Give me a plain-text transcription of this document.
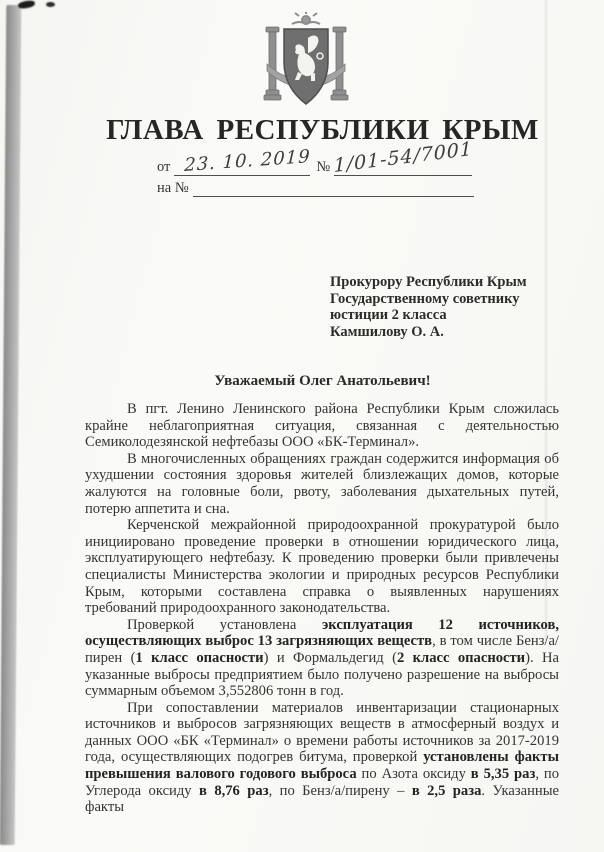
ГЛАВА РЕСПУБЛИКИ КРЫМ
от 23. 10. 2019 № 1/01-54/7001
на №
Прокурору Республики Крым
Государственному советнику
юстиции 2 класса
Камшилову О. А.
Уважаемый Олег Анатольевич!

В пгт. Ленино Ленинского района Республики Крым сложилась крайне неблагоприятная ситуация, связанная с деятельностью Семиколодезянской нефтебазы ООО «БК-Терминал».

В многочисленных обращениях граждан содержится информация об ухудшении состояния здоровья жителей близлежащих домов, которые жалуются на головные боли, рвоту, заболевания дыхательных путей, потерю аппетита и сна.

Керченской межрайонной природоохранной прокуратурой было инициировано проведение проверки в отношении юридического лица, эксплуатирующего нефтебазу. К проведению проверки были привлечены специалисты Министерства экологии и природных ресурсов Республики Крым, которыми составлена справка о выявленных нарушениях требований природоохранного законодательства.

Проверкой установлена эксплуатация 12 источников, осуществляющих выброс 13 загрязняющих веществ, в том числе Бенз/а/пирен (1 класс опасности) и Формальдегид (2 класс опасности). На указанные выбросы предприятием было получено разрешение на выбросы суммарным объемом 3,552806 тонн в год.

При сопоставлении материалов инвентаризации стационарных источников и выбросов загрязняющих веществ в атмосферный воздух и данных ООО «БК «Терминал» о времени работы источников за 2017-2019 года, осуществляющих подогрев битума, проверкой установлены факты превышения валового годового выброса по Азота оксиду в 5,35 раз, по Углерода оксиду в 8,76 раз, по Бенз/а/пирену – в 2,5 раза. Указанные факты
